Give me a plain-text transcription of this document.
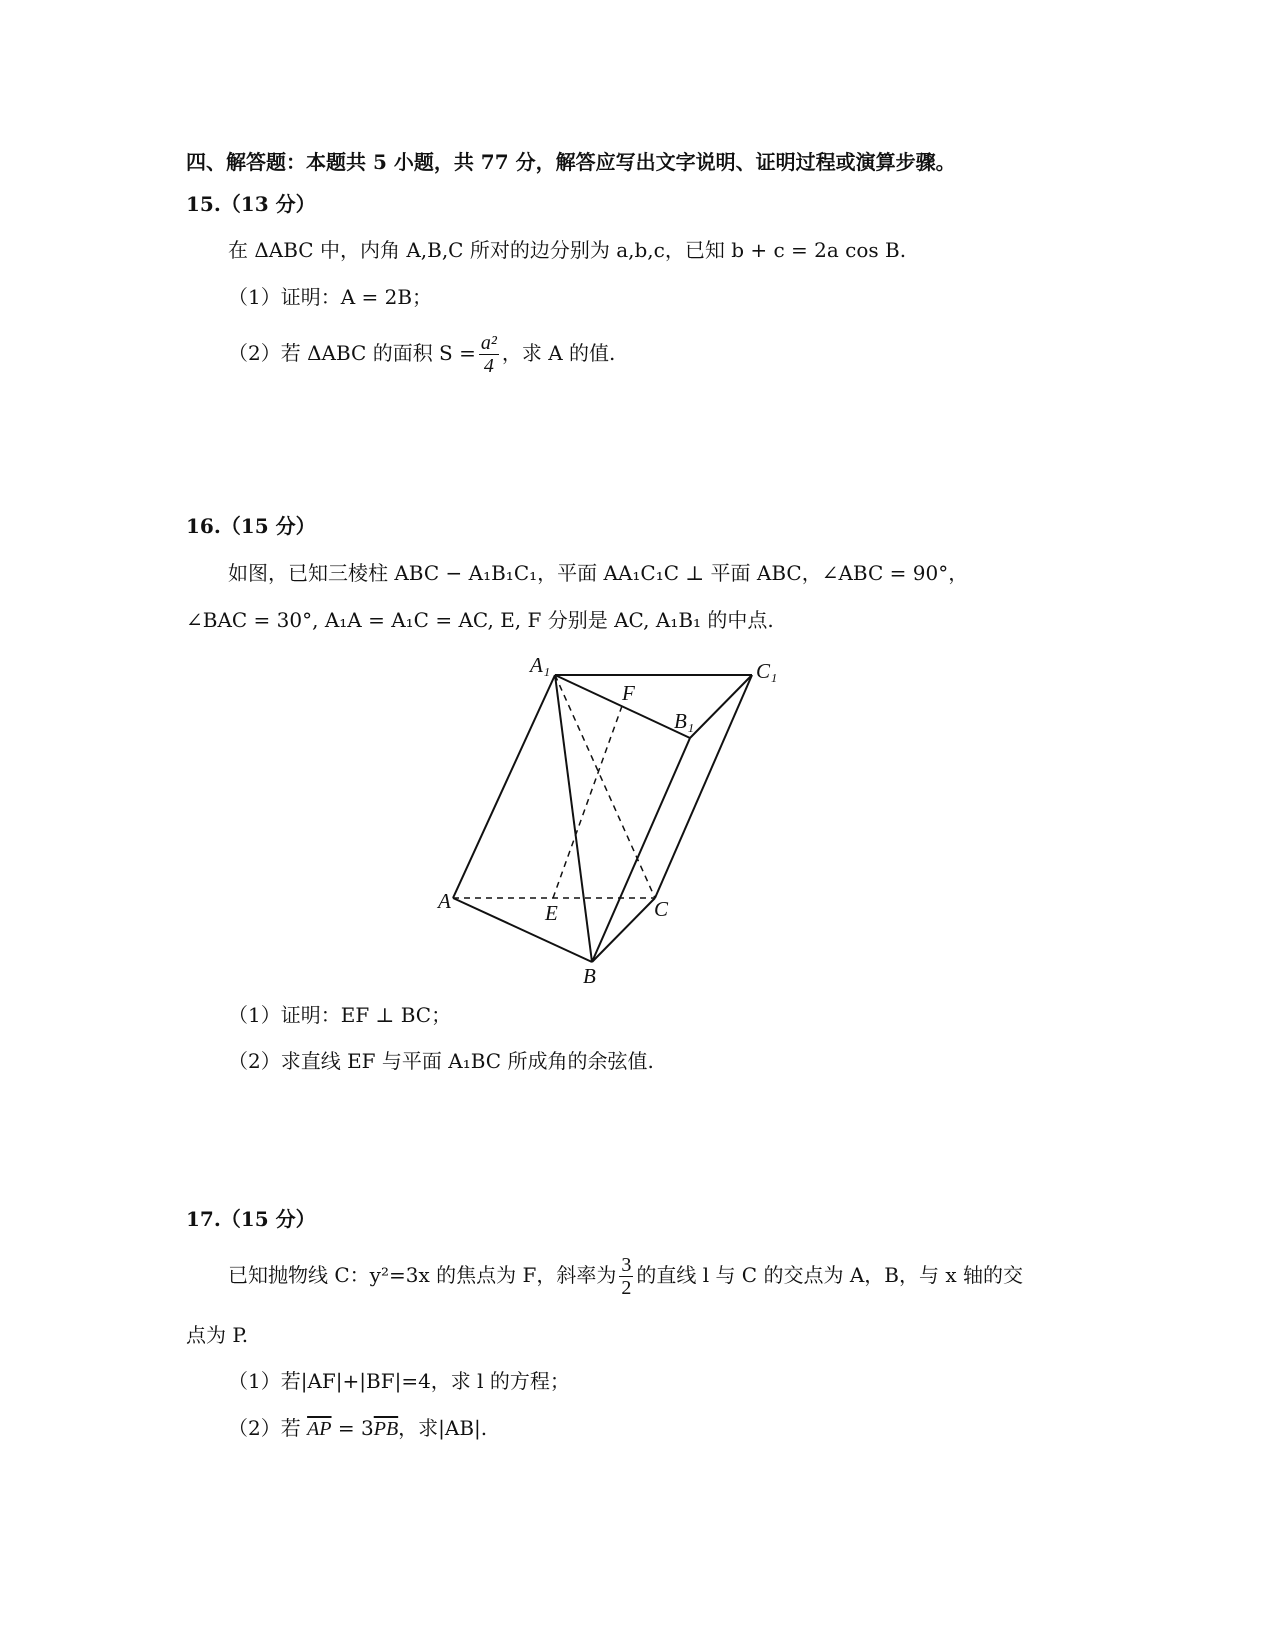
四、解答题：本题共 5 小题，共 77 分，解答应写出文字说明、证明过程或演算步骤。
15.（13 分）
在 ΔABC 中，内角 A,B,C 所对的边分别为 a,b,c，已知 b + c = 2a cos B.
（1）证明：A = 2B；
（2）若 ΔABC 的面积 $S = \frac{\text{a²}}{4}$ ，求 A 的值.
16.（15 分）
如图，已知三棱柱 ABC − A₁B₁C₁，平面 AA₁C₁C ⊥ 平面 ABC，∠ABC = 90°，
∠BAC = 30°, A₁A = A₁C = AC, E, F 分别是 AC, A₁B₁ 的中点.
A₁	C₁
F
B₁
A	E	C
B
（1）证明：EF ⊥ BC；
（2）求直线 EF 与平面 A₁BC 所成角的余弦值.
17.（15 分）
已知抛物线 C：y²=3x 的焦点为 F，斜率为 $\frac{3}{2}$ 的直线 l 与 C 的交点为 A，B，与 x 轴的交
点为 P.
（1）若|AF|+|BF|=4，求 l 的方程；
（2）若 $\overline{AP} = 3\overline{PB}$，求|AB|.
